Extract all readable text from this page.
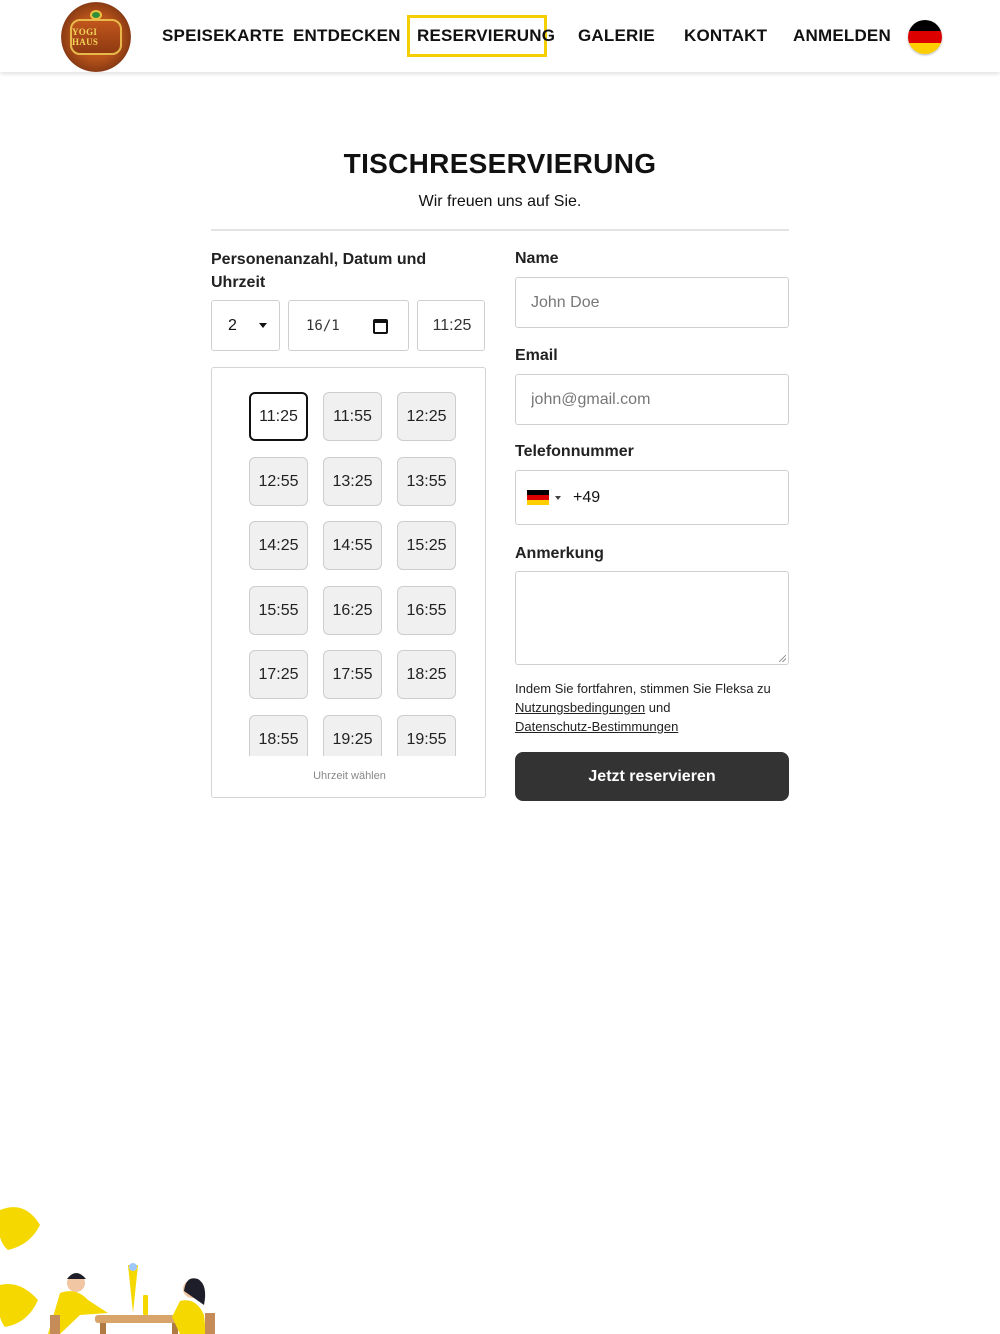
YOGI HAUS	SPEISEKARTE ENTDECKEN RESERVIERUNG GALERIE KONTAKT ANMELDEN
TISCHRESERVIERUNG
Wir freuen uns auf Sie.
Personenanzahl, Datum und Uhrzeit
2	16/1	11:25
11:25	11:55	12:25
12:55	13:25	13:55
14:25	14:55	15:25
15:55	16:25	16:55
17:25	17:55	18:25
18:55	19:25	19:55
Uhrzeit wählen
Name
John Doe
Email
john@gmail.com
Telefonnummer
+49
Anmerkung
Indem Sie fortfahren, stimmen Sie Fleksa zu Nutzungsbedingungen und
Datenschutz-Bestimmungen
Jetzt reservieren
